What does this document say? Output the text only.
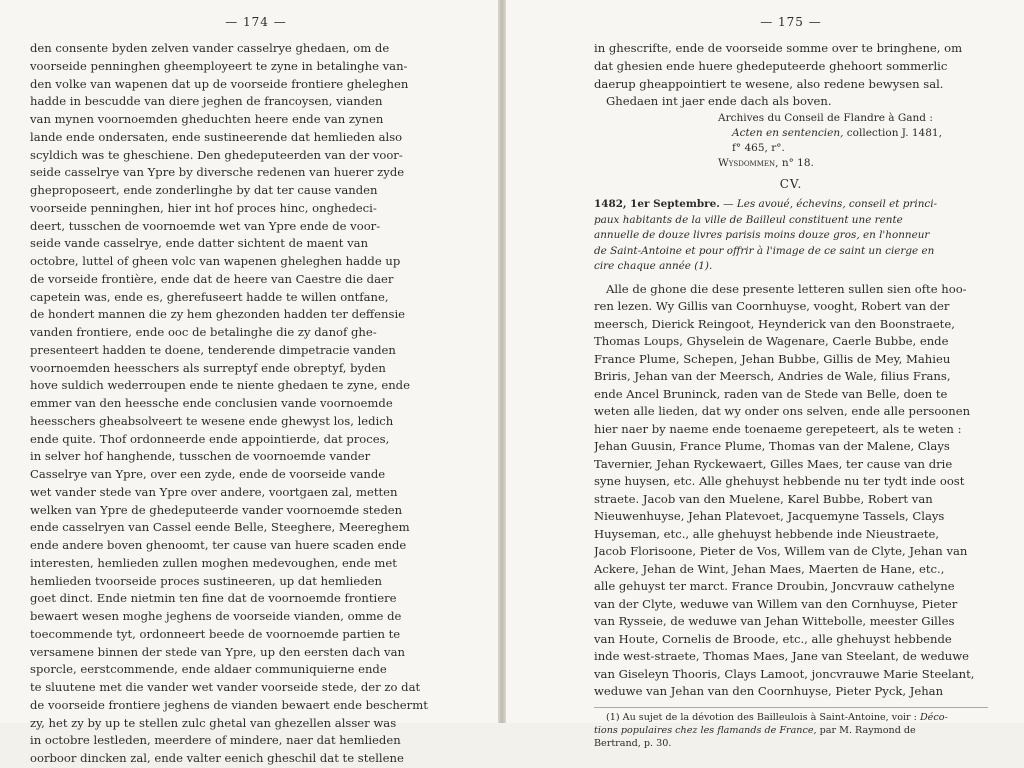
— 174 —
den consente byden zelven vander casselrye ghedaen, om de
voorseide penninghen gheemployeert te zyne in betalinghe van-
den volke van wapenen dat up de voorseide frontiere gheleghen
hadde in bescudde van diere jeghen de francoysen, vianden
van mynen voornoemden gheduchten heere ende van zynen
lande ende ondersaten, ende sustineerende dat hemlieden also
scyldich was te gheschiene. Den ghedeputeerden van der voor-
seide casselrye van Ypre by diversche redenen van huerer zyde
gheproposeert, ende zonderlinghe by dat ter cause vanden
voorseide penninghen, hier int hof proces hinc, onghedeci-
deert, tusschen de voornoemde wet van Ypre ende de voor-
seide vande casselrye, ende datter sichtent de maent van
octobre, luttel of gheen volc van wapenen gheleghen hadde up
de vorseide frontière, ende dat de heere van Caestre die daer
capetein was, ende es, gherefuseert hadde te willen ontfane,
de hondert mannen die zy hem ghezonden hadden ter deffensie
vanden frontiere, ende ooc de betalinghe die zy danof ghe-
presenteert hadden te doene, tenderende dimpetracie vanden
voornoemden heesschers als surreptyf ende obreptyf, byden
hove suldich wederroupen ende te niente ghedaen te zyne, ende
emmer van den heessche ende conclusien vande voornoemde
heesschers gheabsolveert te wesene ende ghewyst los, ledich
ende quite. Thof ordonneerde ende appointierde, dat proces,
in selver hof hanghende, tusschen de voornoemde vander
Casselrye van Ypre, over een zyde, ende de voorseide vande
wet vander stede van Ypre over andere, voortgaen zal, metten
welken van Ypre de ghedeputeerde vander voornoemde steden
ende casselryen van Cassel eende Belle, Steeghere, Meereghem
ende andere boven ghenoomt, ter cause van huere scaden ende
interesten, hemlieden zullen moghen medevoughen, ende met
hemlieden tvoorseide proces sustineeren, up dat hemlieden
goet dinct. Ende nietmin ten fine dat de voornoemde frontiere
bewaert wesen moghe jeghens de voorseide vianden, omme de
toecommende tyt, ordonneert beede de voornoemde partien te
versamene binnen der stede van Ypre, up den eersten dach van
sporcle, eerstcommende, ende aldaer communiquierne ende
te sluutene met die vander wet vander voorseide stede, der zo dat
de voorseide frontiere jeghens de vianden bewaert ende beschermt
zy, het zy by up te stellen zulc ghetal van ghezellen alsser was
in octobre lestleden, meerdere of mindere, naer dat hemlieden
oorboor dincken zal, ende valter eenich gheschil dat te stellene
— 175 —
in ghescrifte, ende de voorseide somme over te bringhene, om
dat ghesien ende huere ghedeputeerde ghehoort sommerlic
daerup gheappointiert te wesene, also redene bewysen sal.
Ghedaen int jaer ende dach als boven.
Archives du Conseil de Flandre à Gand :
Acten en sentencien, collection J. 1481,
f° 465, r°.
Wysdommen, n° 18.
CV.
1482, 1er Septembre. — Les avoué, échevins, conseil et princi-
paux habitants de la ville de Bailleul constituent une rente
annuelle de douze livres parisis moins douze gros, en l'honneur
de Saint-Antoine et pour offrir à l'image de ce saint un cierge en
cire chaque année (1).
Alle de ghone die dese presente letteren sullen sien ofte hoo-
ren lezen. Wy Gillis van Coornhuyse, vooght, Robert van der
meersch, Dierick Reingoot, Heynderick van den Boonstraete,
Thomas Loups, Ghyselein de Wagenare, Caerle Bubbe, ende
France Plume, Schepen, Jehan Bubbe, Gillis de Mey, Mahieu
Briris, Jehan van der Meersch, Andries de Wale, filius Frans,
ende Ancel Bruninck, raden van de Stede van Belle, doen te
weten alle lieden, dat wy onder ons selven, ende alle persoonen
hier naer by naeme ende toenaeme gerepeteert, als te weten :
Jehan Guusin, France Plume, Thomas van der Malene, Clays
Tavernier, Jehan Ryckewaert, Gilles Maes, ter cause van drie
syne huysen, etc. Alle ghehuyst hebbende nu ter tydt inde oost
straete. Jacob van den Muelene, Karel Bubbe, Robert van
Nieuwenhuyse, Jehan Platevoet, Jacquemyne Tassels, Clays
Huyseman, etc., alle ghehuyst hebbende inde Nieustraete,
Jacob Florisoone, Pieter de Vos, Willem van de Clyte, Jehan van
Ackere, Jehan de Wint, Jehan Maes, Maerten de Hane, etc.,
alle gehuyst ter marct. France Droubin, Joncvrauw cathelyne
van der Clyte, weduwe van Willem van den Cornhuyse, Pieter
van Rysseie, de weduwe van Jehan Wittebolle, meester Gilles
van Houte, Cornelis de Broode, etc., alle ghehuyst hebbende
inde west-straete, Thomas Maes, Jane van Steelant, de weduwe
van Giseleyn Thooris, Clays Lamoot, joncvrauwe Marie Steelant,
weduwe van Jehan van den Coornhuyse, Pieter Pyck, Jehan
(1) Au sujet de la dévotion des Bailleulois à Saint-Antoine, voir : Déco-
tions populaires chez les flamands de France, par M. Raymond de
Bertrand, p. 30.
